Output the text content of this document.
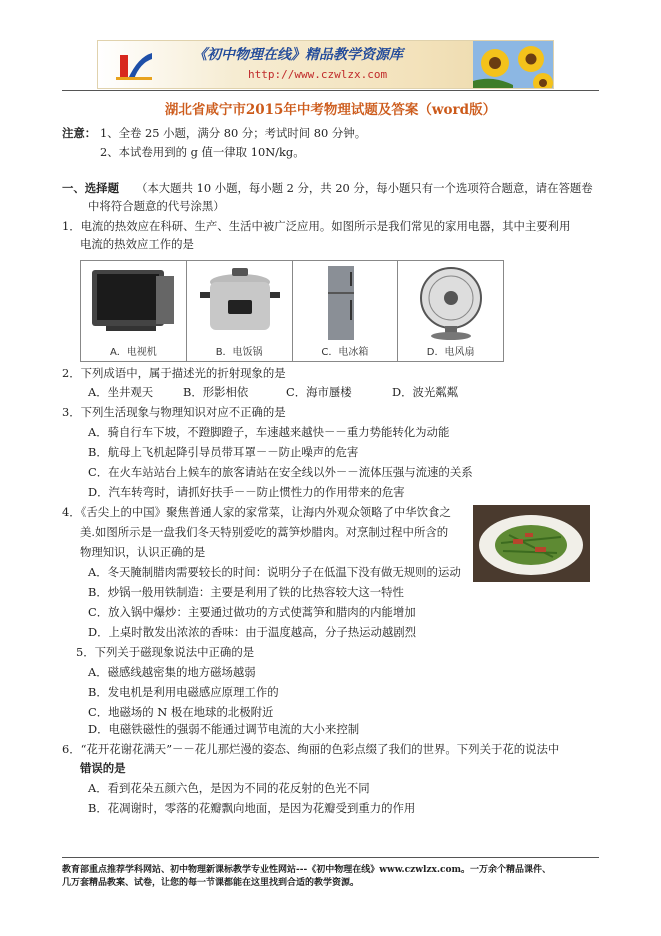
《初中物理在线》精品教学资源库
http://www.czwlzx.com
湖北省咸宁市2015年中考物理试题及答案（word版）
注意： 1、全卷 25 小题，满分 80 分；考试时间 80 分钟。
2、本试卷用到的 g 值一律取 10N/kg。
一、选择题 （本大题共 10 小题，每小题 2 分，共 20 分，每小题只有一个选项符合题意，请在答题卷
中将符合题意的代号涂黑）
1．电流的热效应在科研、生产、生活中被广泛应用。如图所示是我们常见的家用电器，其中主要利用
电流的热效应工作的是
A．电视机	B．电饭锅	C．电冰箱	D．电风扇
2．下列成语中，属于描述光的折射现象的是
A．坐井观天	B．形影相依	C．海市蜃楼	D．波光粼粼
3．下列生活现象与物理知识对应不正确的是
A．骑自行车下坡，不蹬脚蹬子，车速越来越快－－重力势能转化为动能
B．航母上飞机起降引导员带耳罩－－防止噪声的危害
C．在火车站站台上候车的旅客请站在安全线以外－－流体压强与流速的关系
D．汽车转弯时，请抓好扶手－－防止惯性力的作用带来的危害
4．《舌尖上的中国》聚焦普通人家的家常菜，让海内外观众领略了中华饮食之
美.如图所示是一盘我们冬天特别爱吃的蒿笋炒腊肉。对烹制过程中所含的
物理知识，认识正确的是
A．冬天腌制腊肉需要较长的时间：说明分子在低温下没有做无规则的运动
B．炒锅一般用铁制造：主要是利用了铁的比热容较大这一特性
C．放入锅中爆炒：主要通过做功的方式使蒿笋和腊肉的内能增加
D．上桌时散发出浓浓的香味：由于温度越高，分子热运动越剧烈
5．下列关于磁现象说法中正确的是
A．磁感线越密集的地方磁场越弱
B．发电机是利用电磁感应原理工作的
C．地磁场的 N 极在地球的北极附近
D．电磁铁磁性的强弱不能通过调节电流的大小来控制
6．“花开花谢花满天”－－花儿那烂漫的姿态、绚丽的色彩点缀了我们的世界。下列关于花的说法中
错误的是
A．看到花朵五颜六色，是因为不同的花反射的色光不同
B．花凋谢时，零落的花瓣飘向地面，是因为花瓣受到重力的作用
教育部重点推荐学科网站、初中物理新课标教学专业性网站---《初中物理在线》www.czwlzx.com。一万余个精品课件、
几万套精品教案、试卷，让您的每一节课都能在这里找到合适的教学资源。
